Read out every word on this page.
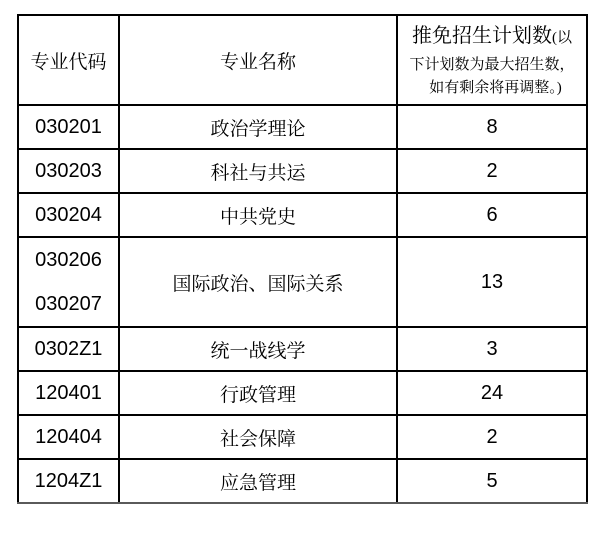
专业代码	专业名称	推免招生计划数(以
下计划数为最大招生数，
如有剩余将再调整。)

030201	政治学理论	8
030203	科社与共运	2
030204	中共党史	6

030206
030207	国际政治、国际关系	13
0302Z1	统一战线学	3
120401	行政管理	24
120404	社会保障	2
1204Z1	应急管理	5
